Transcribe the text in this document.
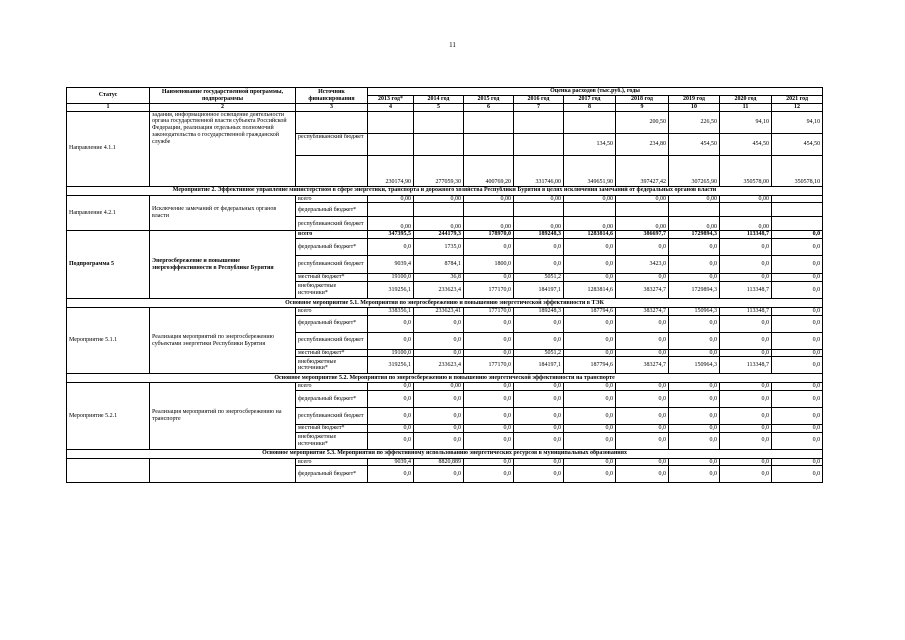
11
Статус	Наименование государственной программы, подпрограммы	Источник финансирования	Оценка расходов (тыс.руб.), годы								
			2013 год*	2014 год	2015 год	2016 год	2017 год	2018 год	2019 год	2020 год	2021 год
1	2	3	4	5	6	7	8	9	10	11	12
Направление 4.1.1	задания, информационное освещение деятельности органа государственной власти субъекта Российской Федерации, реализация отдельных полномочий законодательства о государственной гражданской службе							200,50	226,50	94,10	94,10
		республиканский бюджет					134,50	234,80	454,50	454,50	454,50
			230174,90	277059,30	400769,20	331746,00	349651,90	397427,42	307265,90	350578,00	350578,10
Мероприятие 2. Эффективное управление министерством в сфере энергетики, транспорта и дорожного хозяйства Республики Бурятия в целях исключения замечаний от федеральных органов власти											
Направление 4.2.1	Исключение замечаний от федеральных органов власти	всего	0,00	0,00	0,00	0,00	0,00	0,00	0,00	0,00	
		федеральный бюджет*									
		республиканский бюджет	0,00	0,00	0,00	0,00	0,00	0,00	0,00	0,00	
Подпрограмма 5	Энергосбережение и повышение энергоэффективности в Республике Бурятия	всего	347395,5	244179,3	178970,0	189248,3	1283814,6	386697,7	1729894,3	113348,7	0,0
		федеральный бюджет*	0,0	1735,0	0,0	0,0	0,0	0,0	0,0	0,0	0,0
		республиканский бюджет	9039,4	8784,1	1800,0	0,0	0,0	3423,0	0,0	0,0	0,0
		местный бюджет*	19100,0	36,8	0,0	5051,2	0,0	0,0	0,0	0,0	0,0
		внебюджетные источники*	319256,1	233623,4	177170,0	184197,1	1283814,6	383274,7	1729894,3	113348,7	0,0
Основное мероприятие 5.1. Мероприятия по энергосбережению и повышению энергетической эффективности в ТЭК											
Мероприятие 5.1.1	Реализация мероприятий по энергосбережению субъектами энергетики Республики Бурятия	всего	338356,1	233623,41	177170,0	189248,3	187794,6	383274,7	150964,3	113348,7	0,0
		федеральный бюджет*	0,0	0,0	0,0	0,0	0,0	0,0	0,0	0,0	0,0
		республиканский бюджет	0,0	0,0	0,0	0,0	0,0	0,0	0,0	0,0	0,0
		местный бюджет*	19100,0	0,0	0,0	5051,2	0,0	0,0	0,0	0,0	0,0
		внебюджетные источники*	319256,1	233623,4	177170,0	184197,1	187794,6	383274,7	150964,3	113348,7	0,0
Основное мероприятие 5.2. Мероприятия по энергосбережению и повышению энергетической эффективности на транспорте											
Мероприятие 5.2.1	Реализация мероприятий по энергосбережению на транспорте	всего	0,0	0,00	0,0	0,0	0,0	0,0	0,0	0,0	0,0
		федеральный бюджет*	0,0	0,0	0,0	0,0	0,0	0,0	0,0	0,0	0,0
		республиканский бюджет	0,0	0,0	0,0	0,0	0,0	0,0	0,0	0,0	0,0
		местный бюджет*	0,0	0,0	0,0	0,0	0,0	0,0	0,0	0,0	0,0
		внебюджетные источники*	0,0	0,0	0,0	0,0	0,0	0,0	0,0	0,0	0,0
Основное мероприятие 5.3. Мероприятия по эффективному использованию энергетических ресурсов в муниципальных образованиях											
		всего	9039,4	8820,889	0,0	0,0	0,0	0,0	0,0	0,0	0,0
		федеральный бюджет*	0,0	0,0	0,0	0,0	0,0	0,0	0,0	0,0	0,0
